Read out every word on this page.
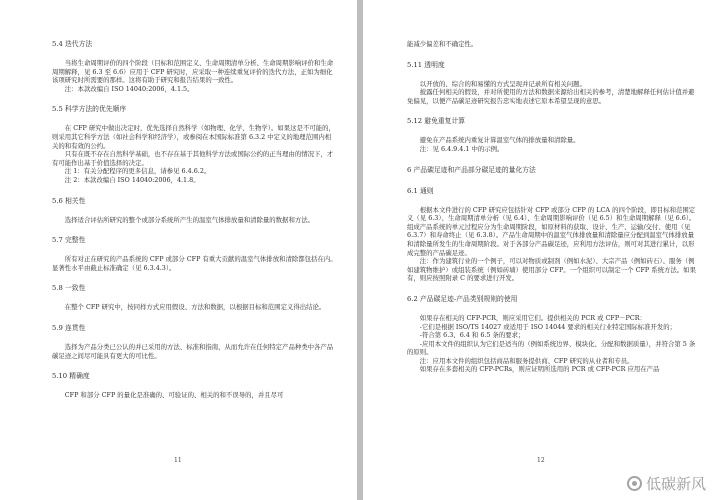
5.4 迭代方法
　　当将生命周期评价的四个阶段（目标和范围定义、生命周期清单分析、生命周期影响评价和生命周期解释，见 6.3 至 6.6）应用于 CFP 研究时，应采取一种连续重复评价的迭代方法，正如为细化该项研究时所需要的那样。这将有助于研究和报告结果的一致性。
　　注：本款改编自 ISO 14040:2006，4.1.5。
5.5 科学方法的优先顺序
　　在 CFP 研究中做出决定时，优先选择自然科学（如物理、化学、生物学）。如果这是不可能的，则采用其它科学方法（如社会科学和经济学），或参阅在本国际标准第 6.3.2 中定义的地理范围内相关的和有效的公约。
　　只有在既不存在自然科学基础，也不存在基于其他科学方法或国际公约的正当理由的情况下，才有可能作出基于价值选择的决定。
　　注 1：有关分配程序的更多信息，请参见 6.4.6.2。
　　注 2：本款改编自 ISO 14040:2006，4.1.8。
5.6 相关性
　　选择适合评估所研究的整个或部分系统所产生的温室气体排放量和清除量的数据和方法。
5.7 完整性
　　所有对正在研究的产品系统的 CFP 或部分 CFP 有重大贡献的温室气体排放和清除都包括在内。显著性水平由截止标准确定（见 6.3.4.3）。
5.8 一致性
　　在整个 CFP 研究中，按同样方式应用假设、方法和数据，以根据目标和范围定义得出结论。
5.9 连贯性
　　选择为产品分类已公认的并已采用的方法、标准和指南，从而允许在任何特定产品种类中各产品碳足迹之间尽可能具有更大的可比性。
5.10 精确度
　　CFP 和部分 CFP 的量化是准确的、可验证的、相关的和不误导的，并且尽可
11
能减少偏差和不确定性。
5.11 透明度
　　以开放的、综合的和易懂的方式呈现并记录所有相关问题。
　　披露任何相关的假设，并对所使用的方法和数据来源给出相关的参考，清楚地解释任何估计值并避免偏见，以便产品碳足迹研究报告忠实地表述它原本希望呈现的意思。
5.12 避免重复计算
　　避免在产品系统内重复计算温室气体的排放量和清除量。
　　注：见 6.4.9.4.1 中的示例。
6 产品碳足迹和产品部分碳足迹的量化方法
6.1 通则
　　根据本文件进行的 CFP 研究应包括针对 CFP 或部分 CFP 的 LCA 的四个阶段，即目标和范围定义（见 6.3）、生命周期清单分析（见 6.4）、生命周期影响评价（见 6.5）和生命周期解释（见 6.6）。组成产品系统的单元过程应分为生命周期阶段，如原材料的获取、设计、生产、运输/交付、使用（见 6.3.7）和寿命终止（见 6.3.8）。产品生命周期中的温室气体排放量和清除量应分配到温室气体排放量和清除量所发生的生命周期阶段。对于各部分产品碳足迹，应利用方法评估，则可对其进行累计，以形成完整的产品碳足迹。
　　注：作为建筑行业的一个例子，可以对物质或制剂（例如水泥）、大宗产品（例如砖石）、服务（例如建筑物维护）或组装系统（例如砖墙）使用部分 CFP。一个组织可以制定一个 CFP 系统方法。如果有，则应按照附录 C 的要求进行开发。
6.2 产品碳足迹-产品类别规则的使用
　　如果存在相关的 CFP-PCR，则应采用它们。提供相关的 PCR 或 CFP－PCR：
　　-它们是根据 ISO/TS 14027 或适用于 ISO 14044 要求的相关行业特定国际标准开发的；
　　-符合第 6.3、6.4 和 6.5 条的要求；
　　-应用本文件的组织认为它们是适当的（例如系统边界、模块化、分配和数据质量），并符合第 5 条的原则。
　　注：应用本文件的组织包括商品和服务提供商、CFP 研究的从业者和专员。
　　如果存在多套相关的 CFP-PCRs，则应证明所选用的 PCR 或 CFP-PCR 应用在产品
12
低碳新风
